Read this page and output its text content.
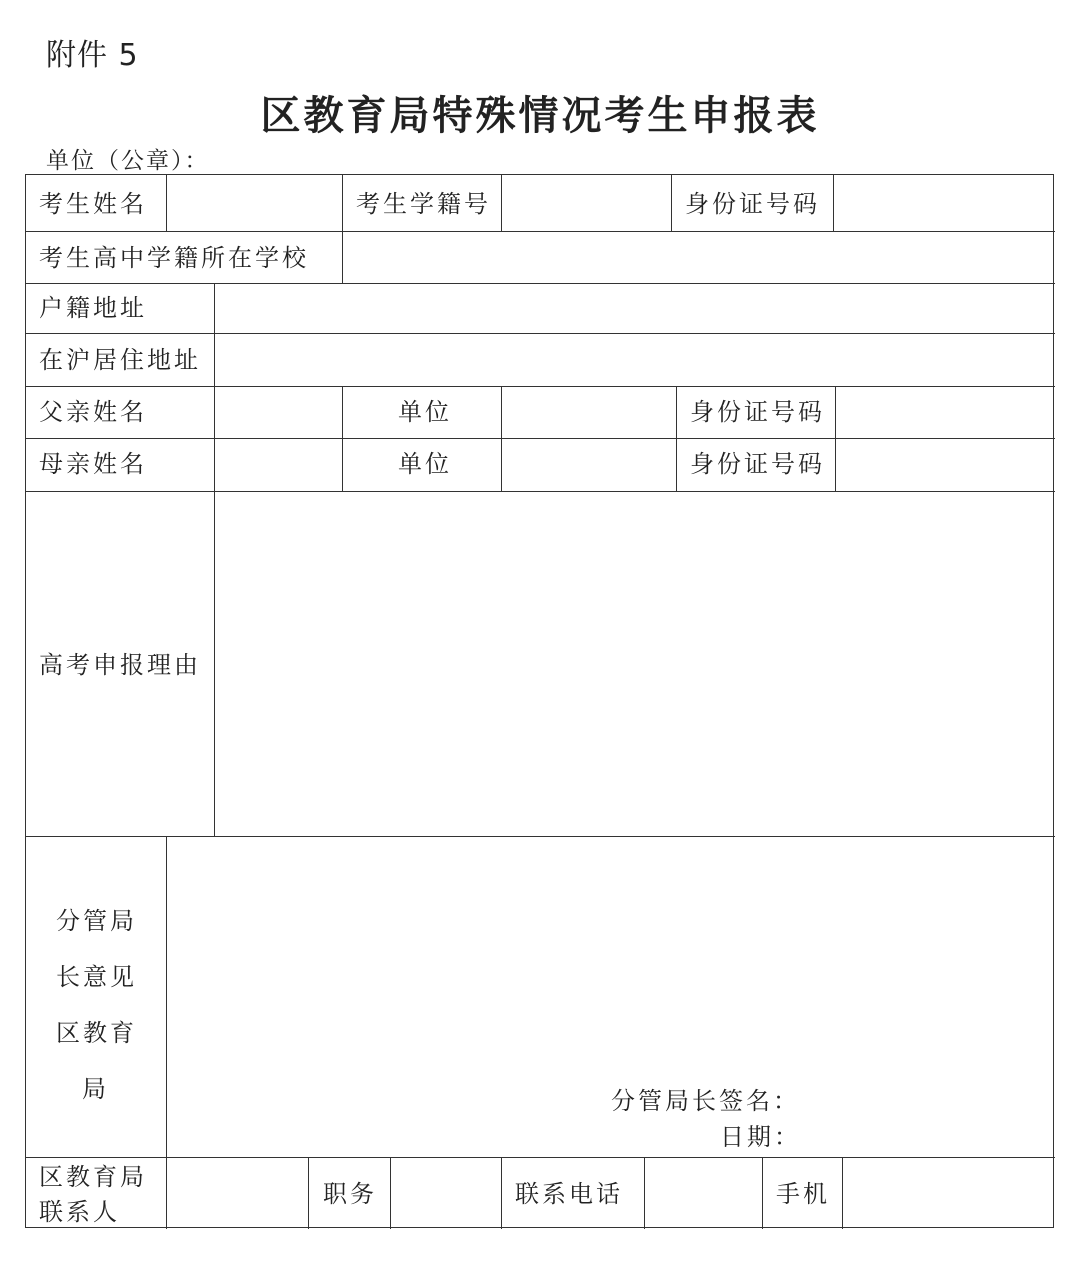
附件 5
区教育局特殊情况考生申报表
单位（公章）：
考生姓名	考生学籍号	身份证号码
考生高中学籍所在学校
户籍地址
在沪居住地址
父亲姓名	单位	身份证号码
母亲姓名	单位	身份证号码
高考申报理由
分管局
长意见
区教育
局	分管局长签名：
日期：
区教育局
联系人
职务	联系电话	手机
